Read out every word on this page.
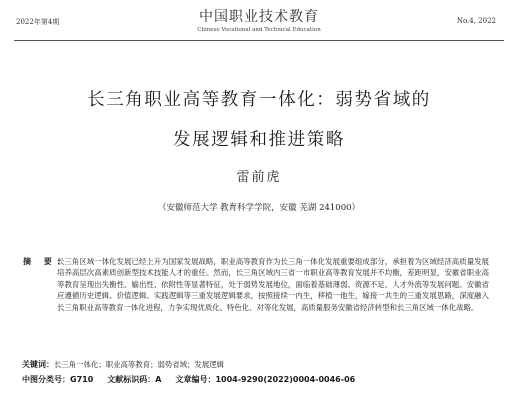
2022年第4期	中国职业技术教育
Chinese Vocational and Technical Education
No.4, 2022
长三角职业高等教育一体化：弱势省域的
发展逻辑和推进策略
雷前虎
（安徽师范大学 教育科学学院，安徽 芜湖 241000）
摘 要：
长三角区域一体化发展已经上升为国家发展战略，职业高等教育作为长三角一体化发展重要组成部分，承担着为区域经济高质量发展培养高层次高素质创新型技术技能人才的重任。然而，长三角区域内三省一市职业高等教育发展并不均衡，差距明显，安徽省职业高等教育呈现出失衡性、输出性、依附性等显著特征，处于弱势发展地位，面临着基础薄弱、资源不足、人才外流等发展问题。安徽省应遵循历史逻辑、价值逻辑、实践逻辑等三重发展逻辑要求，按照接续一内生，移植一他生，嫁接一共生的三重发展思路，深度融入长三角职业高等教育一体化进程，力争实现优质化、特色化、对等化发展，高质量服务安徽省经济转型和长三角区域一体化战略。
关键词：长三角一体化；职业高等教育；弱势省域；发展逻辑
中图分类号：G710 文献标识码：A 文章编号：1004-9290(2022)0004-0046-06
